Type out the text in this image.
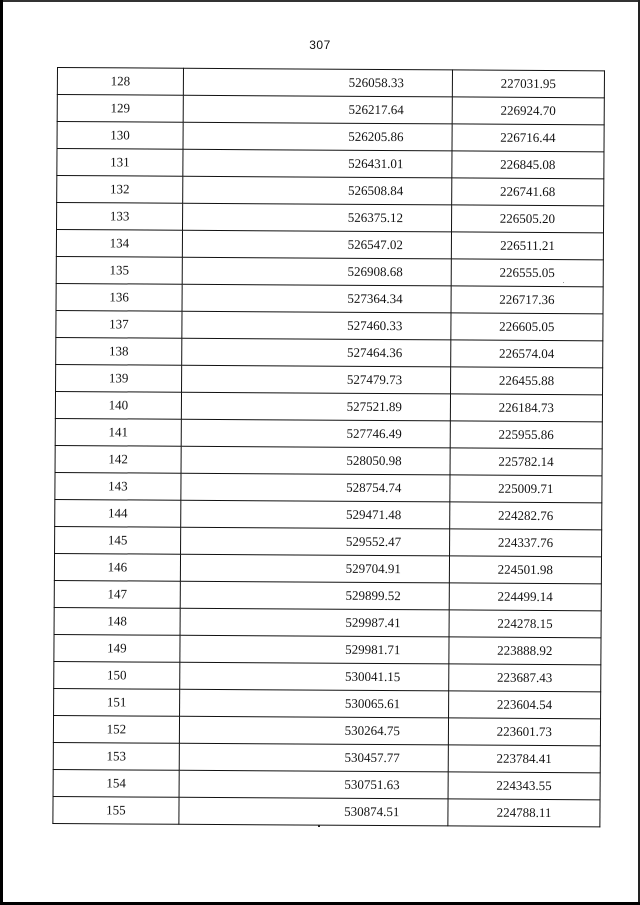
307
128	526058.33	227031.95
129	526217.64	226924.70
130	526205.86	226716.44
131	526431.01	226845.08
132	526508.84	226741.68
133	526375.12	226505.20
134	526547.02	226511.21
135	526908.68	226555.05
136	527364.34	226717.36
137	527460.33	226605.05
138	527464.36	226574.04
139	527479.73	226455.88
140	527521.89	226184.73
141	527746.49	225955.86
142	528050.98	225782.14
143	528754.74	225009.71
144	529471.48	224282.76
145	529552.47	224337.76
146	529704.91	224501.98
147	529899.52	224499.14
148	529987.41	224278.15
149	529981.71	223888.92
150	530041.15	223687.43
151	530065.61	223604.54
152	530264.75	223601.73
153	530457.77	223784.41
154	530751.63	224343.55
155	530874.51	224788.11
